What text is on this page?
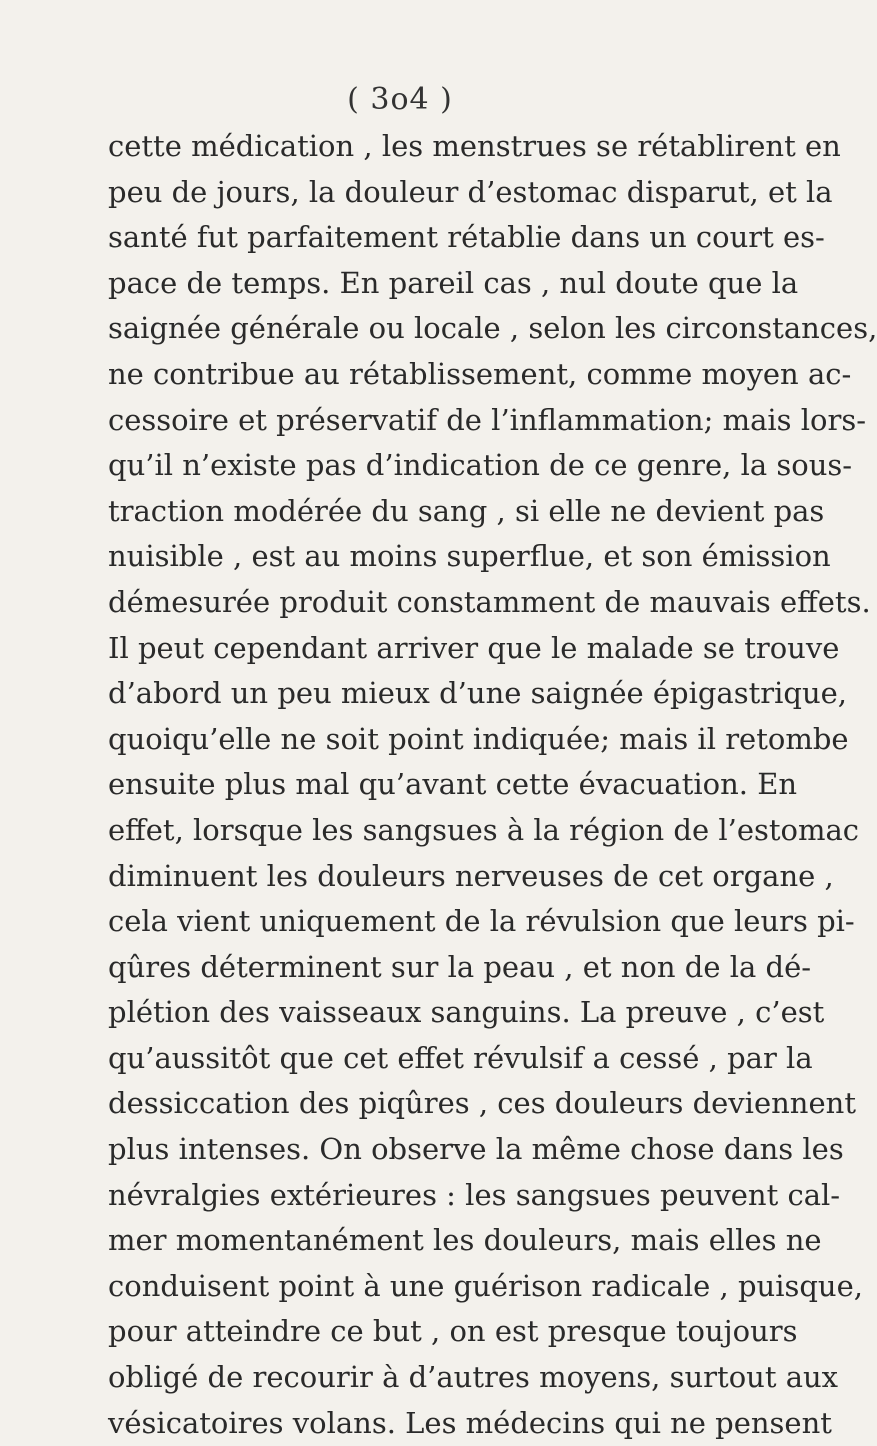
( 3o4 )
cette médication , les menstrues se rétablirent en
peu de jours, la douleur d’estomac disparut, et la
santé fut parfaitement rétablie dans un court es-
pace de temps. En pareil cas , nul doute que la
saignée générale ou locale , selon les circonstances,
ne contribue au rétablissement, comme moyen ac-
cessoire et préservatif de l’inflammation; mais lors-
qu’il n’existe pas d’indication de ce genre, la sous-
traction modérée du sang , si elle ne devient pas
nuisible , est au moins superflue, et son émission
démesurée produit constamment de mauvais effets.
Il peut cependant arriver que le malade se trouve
d’abord un peu mieux d’une saignée épigastrique,
quoiqu’elle ne soit point indiquée; mais il retombe
ensuite plus mal qu’avant cette évacuation. En
effet, lorsque les sangsues à la région de l’estomac
diminuent les douleurs nerveuses de cet organe ,
cela vient uniquement de la révulsion que leurs pi-
qûres déterminent sur la peau , et non de la dé-
plétion des vaisseaux sanguins. La preuve , c’est
qu’aussitôt que cet effet révulsif a cessé , par la
dessiccation des piqûres , ces douleurs deviennent
plus intenses. On observe la même chose dans les
névralgies extérieures : les sangsues peuvent cal-
mer momentanément les douleurs, mais elles ne
conduisent point à une guérison radicale , puisque,
pour atteindre ce but , on est presque toujours
obligé de recourir à d’autres moyens, surtout aux
vésicatoires volans. Les médecins qui ne pensent
